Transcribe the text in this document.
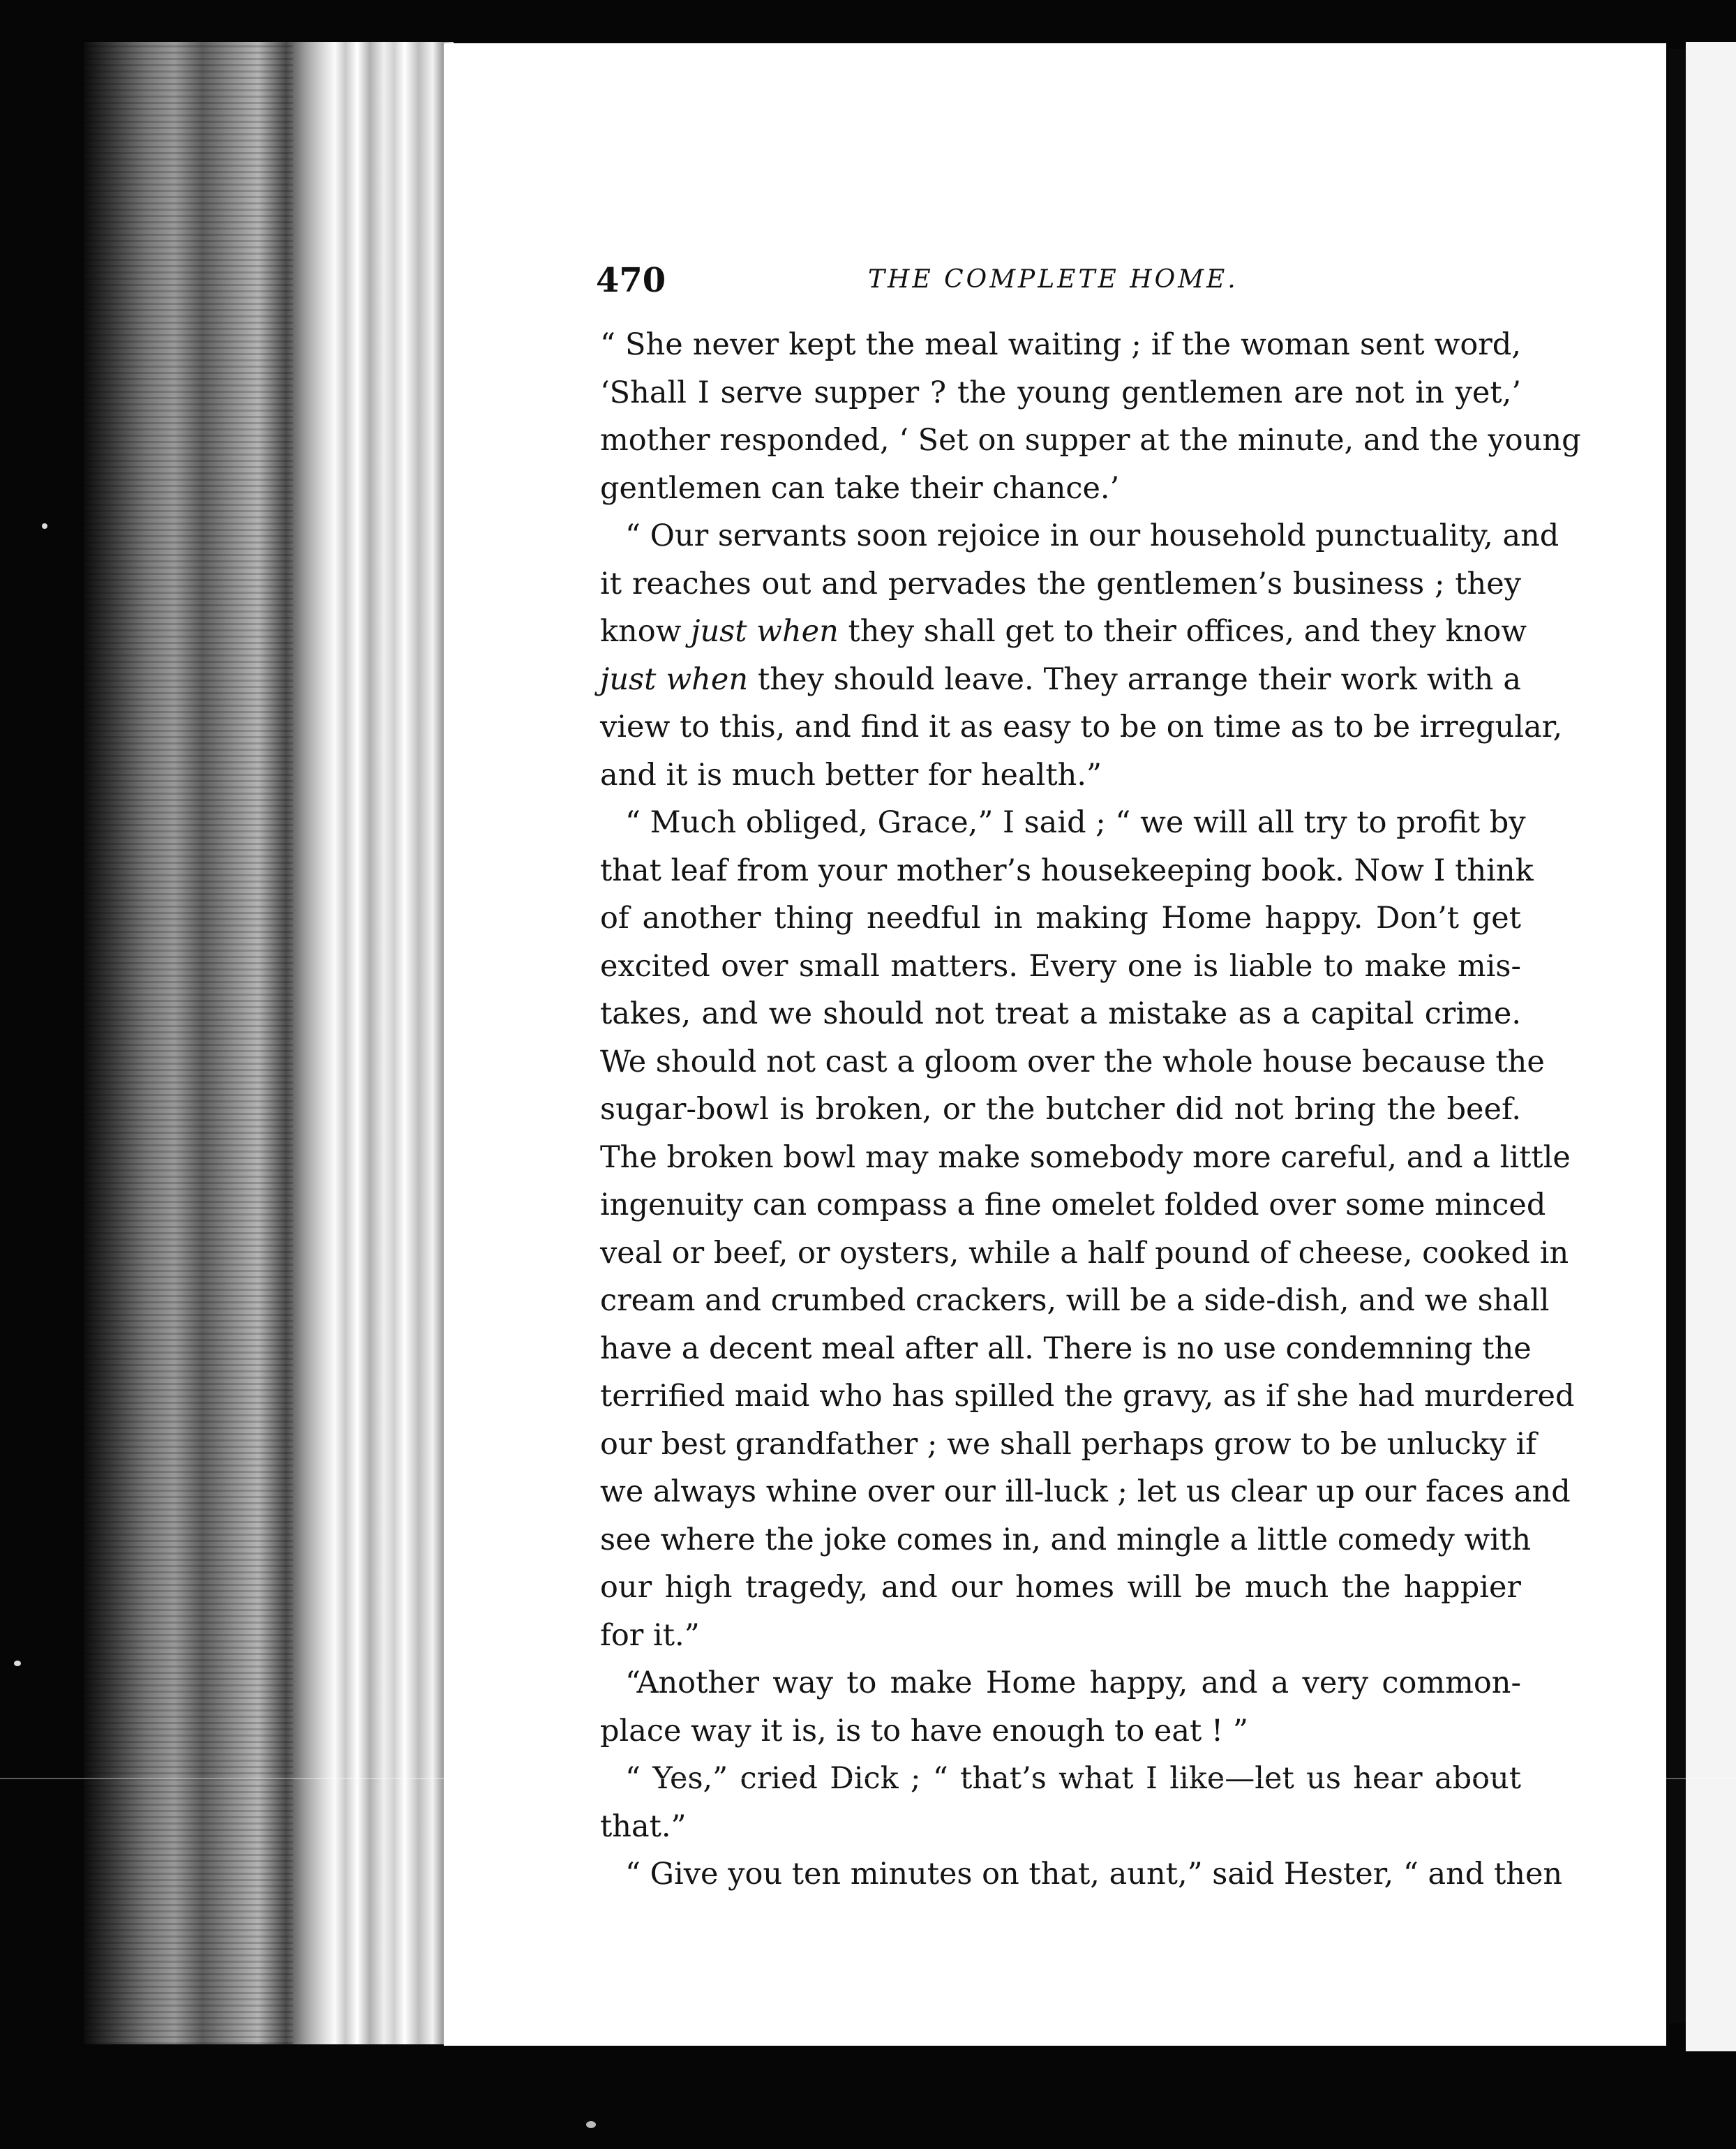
470	THE COMPLETE HOME.
“ She never kept the meal waiting ; if the woman sent word,
‘Shall I serve supper ? the young gentlemen are not in yet,’
mother responded, ‘ Set on supper at the minute, and the young
gentlemen can take their chance.’
“ Our servants soon rejoice in our household punctuality, and
it reaches out and pervades the gentlemen’s business ; they
know just when they shall get to their offices, and they know
just when they should leave. They arrange their work with a
view to this, and find it as easy to be on time as to be irregular,
and it is much better for health.”
“ Much obliged, Grace,” I said ; “ we will all try to profit by
that leaf from your mother’s housekeeping book. Now I think
of another thing needful in making Home happy. Don’t get
excited over small matters. Every one is liable to make mis-
takes, and we should not treat a mistake as a capital crime.
We should not cast a gloom over the whole house because the
sugar-bowl is broken, or the butcher did not bring the beef.
The broken bowl may make somebody more careful, and a little
ingenuity can compass a fine omelet folded over some minced
veal or beef, or oysters, while a half pound of cheese, cooked in
cream and crumbed crackers, will be a side-dish, and we shall
have a decent meal after all. There is no use condemning the
terrified maid who has spilled the gravy, as if she had murdered
our best grandfather ; we shall perhaps grow to be unlucky if
we always whine over our ill-luck ; let us clear up our faces and
see where the joke comes in, and mingle a little comedy with
our high tragedy, and our homes will be much the happier
for it.”
“Another way to make Home happy, and a very common-
place way it is, is to have enough to eat ! ”
“ Yes,” cried Dick ; “ that’s what I like—let us hear about
that.”
“ Give you ten minutes on that, aunt,” said Hester, “ and then
